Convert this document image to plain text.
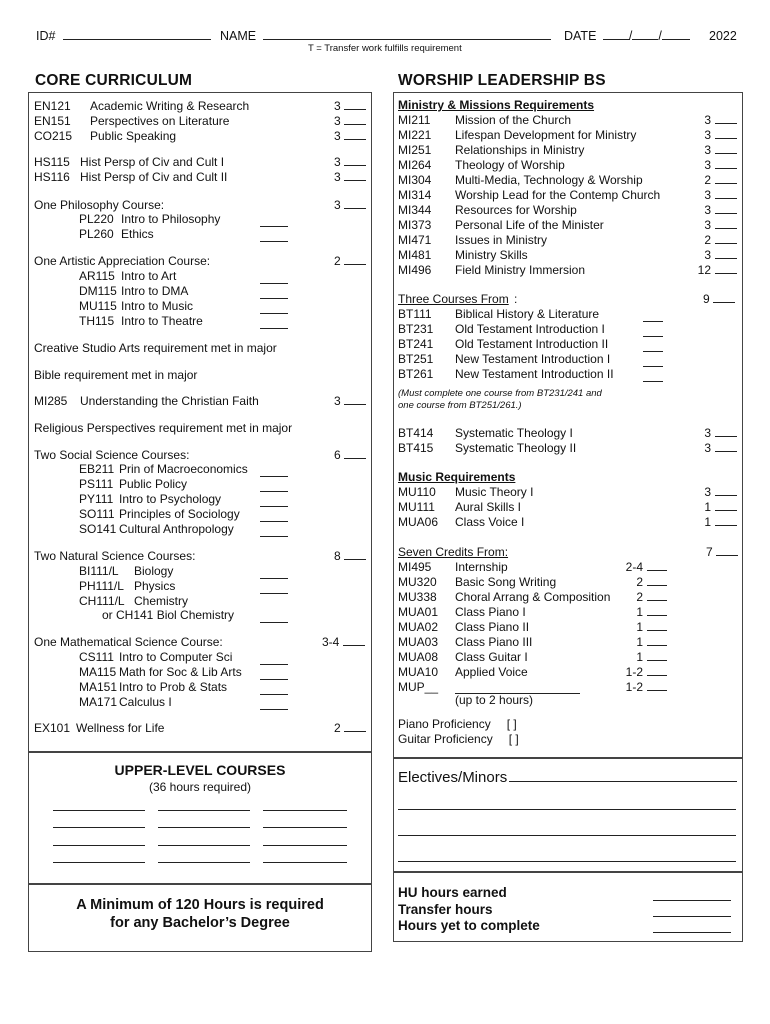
ID#	NAME	DATE	/ /	2022
T = Transfer work fulfills requirement
CORE CURRICULUM	WORSHIP LEADERSHIP BS
EN121 Academic Writing & Research	3
EN151 Perspectives on Literature	3
CO215 Public Speaking	3
HS115 Hist Persp of Civ and Cult I	3
HS116 Hist Persp of Civ and Cult II	3
One Philosophy Course:	3
PL220 Intro to Philosophy
PL260 Ethics
One Artistic Appreciation Course:	2
AR115 Intro to Art
DM115 Intro to DMA
MU115 Intro to Music
TH115 Intro to Theatre
Creative Studio Arts requirement met in major
Bible requirement met in major
MI285 Understanding the Christian Faith	3
Religious Perspectives requirement met in major
Two Social Science Courses:	6
EB211 Prin of Macroeconomics
PS111 Public Policy
PY111 Intro to Psychology
SO111 Principles of Sociology
SO141 Cultural Anthropology
Two Natural Science Courses:	8
BI111/L Biology
PH111/L Physics
CH111/L Chemistry
or CH141 Biol Chemistry
One Mathematical Science Course:	3-4
CS111 Intro to Computer Sci
MA115 Math for Soc & Lib Arts
MA151 Intro to Prob & Stats
MA171 Calculus I
EX101 Wellness for Life	2
UPPER-LEVEL COURSES
(36 hours required)
A Minimum of 120 Hours is required
for any Bachelor’s Degree
Ministry & Missions Requirements
MI211 Mission of the Church	3
MI221 Lifespan Development for Ministry	3
MI251 Relationships in Ministry	3
MI264 Theology of Worship	3
MI304 Multi-Media, Technology & Worship	2
MI314 Worship Lead for the Contemp Church	3
MI344 Resources for Worship	3
MI373 Personal Life of the Minister	3
MI471 Issues in Ministry	2
MI481 Ministry Skills	3
MI496 Field Ministry Immersion	12
Three Courses From :	9
BT111 Biblical History & Literature
BT231 Old Testament Introduction I
BT241 Old Testament Introduction II
BT251 New Testament Introduction I
BT261 New Testament Introduction II
(Must complete one course from BT231/241 and
one course from BT251/261.)
BT414 Systematic Theology I	3
BT415 Systematic Theology II	3
Music Requirements
MU110 Music Theory I	3
MU111 Aural Skills I	1
MUA06 Class Voice I	1
Seven Credits From:	7
MI495 Internship	2-4
MU320 Basic Song Writing	2
MU338 Choral Arrang & Composition	2
MUA01 Class Piano I	1
MUA02 Class Piano II	1
MUA03 Class Piano III	1
MUA08 Class Guitar I	1
MUA10 Applied Voice	1-2
MUP__	1-2
(up to 2 hours)
Piano Proficiency [ ]
Guitar Proficiency [ ]
Electives/Minors
HU hours earned
Transfer hours
Hours yet to complete
